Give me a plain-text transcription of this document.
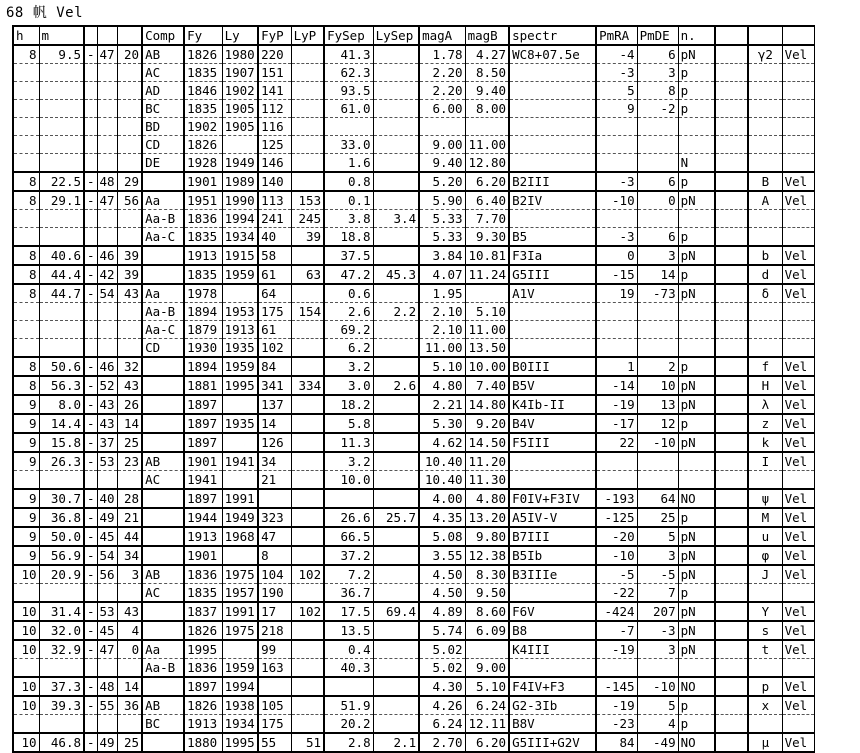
68 帆 Vel
h	m				Comp	Fy	Ly	FyP	LyP	FySep	LySep	magA	magB	spectr	PmRA	PmDE	n.			
8	9.5	-	47	20	AB	1826	1980	220		41.3		1.78	4.27	WC8+07.5e	-4	6	pN		γ2	Vel
					AC	1835	1907	151		62.3		2.20	8.50		-3	3	p			
					AD	1846	1902	141		93.5		2.20	9.40		5	8	p			
					BC	1835	1905	112		61.0		6.00	8.00		9	-2	p			
					BD	1902	1905	116												
					CD	1826		125		33.0		9.00	11.00							
					DE	1928	1949	146		1.6		9.40	12.80				N			
8	22.5	-	48	29		1901	1989	140		0.8		5.20	6.20	B2III	-3	6	p		B	Vel
8	29.1	-	47	56	Aa	1951	1990	113	153	0.1		5.90	6.40	B2IV	-10	0	pN		A	Vel
					Aa-B	1836	1994	241	245	3.8	3.4	5.33	7.70							
					Aa-C	1835	1934	40	39	18.8		5.33	9.30	B5	-3	6	p			
8	40.6	-	46	39		1913	1915	58		37.5		3.84	10.81	F3Ia	0	3	pN		b	Vel
8	44.4	-	42	39		1835	1959	61	63	47.2	45.3	4.07	11.24	G5III	-15	14	p		d	Vel
8	44.7	-	54	43	Aa	1978		64		0.6		1.95		A1V	19	-73	pN		δ	Vel
					Aa-B	1894	1953	175	154	2.6	2.2	2.10	5.10							
					Aa-C	1879	1913	61		69.2		2.10	11.00							
					CD	1930	1935	102		6.2		11.00	13.50							
8	50.6	-	46	32		1894	1959	84		3.2		5.10	10.00	B0III	1	2	p		f	Vel
8	56.3	-	52	43		1881	1995	341	334	3.0	2.6	4.80	7.40	B5V	-14	10	pN		H	Vel
9	8.0	-	43	26		1897		137		18.2		2.21	14.80	K4Ib-II	-19	13	pN		λ	Vel
9	14.4	-	43	14		1897	1935	14		5.8		5.30	9.20	B4V	-17	12	p		z	Vel
9	15.8	-	37	25		1897		126		11.3		4.62	14.50	F5III	22	-10	pN		k	Vel
9	26.3	-	53	23	AB	1901	1941	34		3.2		10.40	11.20						I	Vel
					AC	1941		21		10.0		10.40	11.30							
9	30.7	-	40	28		1897	1991					4.00	4.80	F0IV+F3IV	-193	64	NO		ψ	Vel
9	36.8	-	49	21		1944	1949	323		26.6	25.7	4.35	13.20	A5IV-V	-125	25	p		M	Vel
9	50.0	-	45	44		1913	1968	47		66.5		5.08	9.80	B7III	-20	5	pN		u	Vel
9	56.9	-	54	34		1901		8		37.2		3.55	12.38	B5Ib	-10	3	pN		φ	Vel
10	20.9	-	56	3	AB	1836	1975	104	102	7.2		4.50	8.30	B3IIIe	-5	-5	pN		J	Vel
					AC	1835	1957	190		36.7		4.50	9.50		-22	7	p			
10	31.4	-	53	43		1837	1991	17	102	17.5	69.4	4.89	8.60	F6V	-424	207	pN		Y	Vel
10	32.0	-	45	4		1826	1975	218		13.5		5.74	6.09	B8	-7	-3	pN		s	Vel
10	32.9	-	47	0	Aa	1995		99		0.4		5.02		K4III	-19	3	pN		t	Vel
					Aa-B	1836	1959	163		40.3		5.02	9.00							
10	37.3	-	48	14		1897	1994					4.30	5.10	F4IV+F3	-145	-10	NO		p	Vel
10	39.3	-	55	36	AB	1826	1938	105		51.9		4.26	6.24	G2-3Ib	-19	5	p		x	Vel
					BC	1913	1934	175		20.2		6.24	12.11	B8V	-23	4	p			
10	46.8	-	49	25		1880	1995	55	51	2.8	2.1	2.70	6.20	G5III+G2V	84	-49	NO		μ	Vel
